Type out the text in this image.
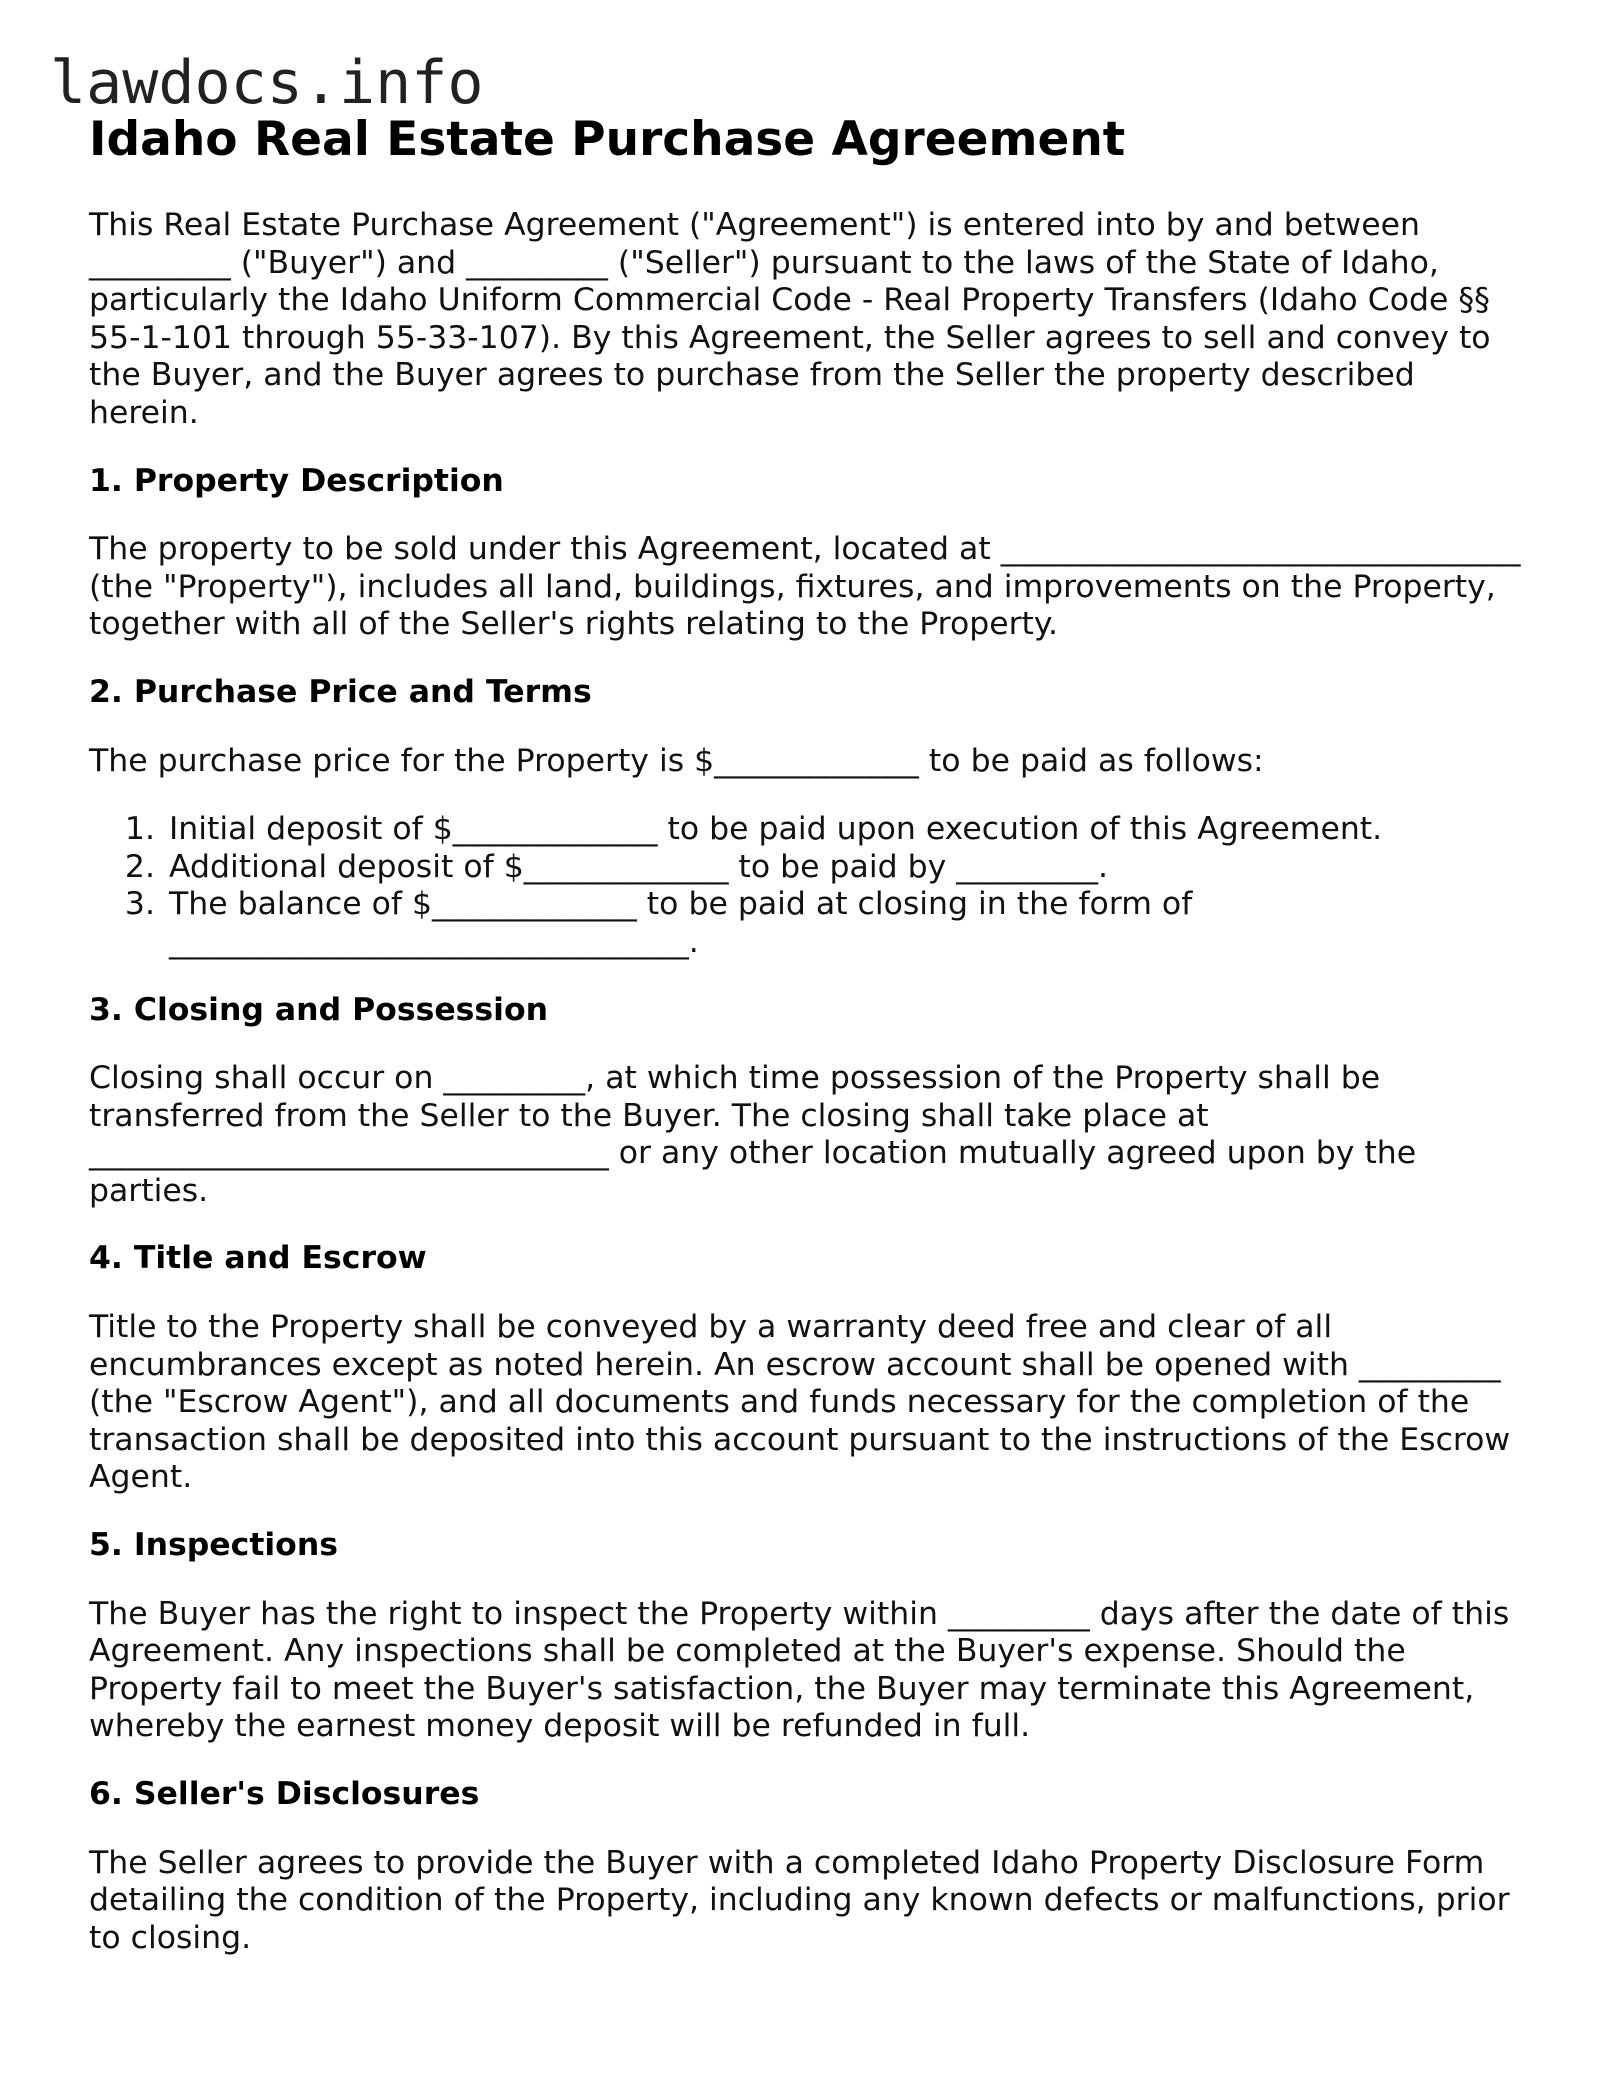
lawdocs.info
Idaho Real Estate Purchase Agreement

This Real Estate Purchase Agreement ("Agreement") is entered into by and between _________ ("Buyer") and _________ ("Seller") pursuant to the laws of the State of Idaho, particularly the Idaho Uniform Commercial Code - Real Property Transfers (Idaho Code §§ 55-1-101 through 55-33-107). By this Agreement, the Seller agrees to sell and convey to the Buyer, and the Buyer agrees to purchase from the Seller the property described herein.

1. Property Description

The property to be sold under this Agreement, located at _________________________________ (the "Property"), includes all land, buildings, fixtures, and improvements on the Property, together with all of the Seller's rights relating to the Property.

2. Purchase Price and Terms

The purchase price for the Property is $_____________ to be paid as follows:

1. Initial deposit of $_____________ to be paid upon execution of this Agreement.
2. Additional deposit of $_____________ to be paid by _________.
3. The balance of $_____________ to be paid at closing in the form of _________________________________.
3. Closing and Possession

Closing shall occur on _________, at which time possession of the Property shall be transferred from the Seller to the Buyer. The closing shall take place at _________________________________ or any other location mutually agreed upon by the parties.

4. Title and Escrow

Title to the Property shall be conveyed by a warranty deed free and clear of all encumbrances except as noted herein. An escrow account shall be opened with _________ (the "Escrow Agent"), and all documents and funds necessary for the completion of the transaction shall be deposited into this account pursuant to the instructions of the Escrow Agent.

5. Inspections

The Buyer has the right to inspect the Property within _________ days after the date of this Agreement. Any inspections shall be completed at the Buyer's expense. Should the Property fail to meet the Buyer's satisfaction, the Buyer may terminate this Agreement, whereby the earnest money deposit will be refunded in full.

6. Seller's Disclosures

The Seller agrees to provide the Buyer with a completed Idaho Property Disclosure Form detailing the condition of the Property, including any known defects or malfunctions, prior to closing.
